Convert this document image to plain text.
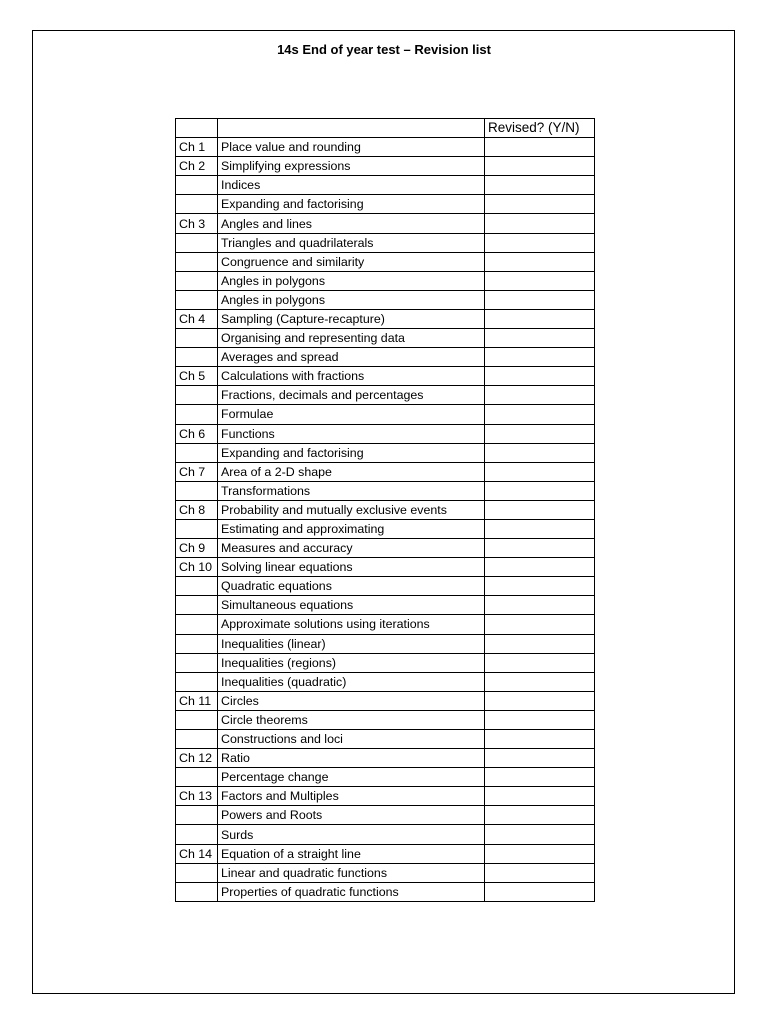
14s End of year test – Revision list
		Revised? (Y/N)
Ch 1	Place value and rounding	
Ch 2	Simplifying expressions	
	Indices	
	Expanding and factorising	
Ch 3	Angles and lines	
	Triangles and quadrilaterals	
	Congruence and similarity	
	Angles in polygons	
	Angles in polygons	
Ch 4	Sampling (Capture-recapture)	
	Organising and representing data	
	Averages and spread	
Ch 5	Calculations with fractions	
	Fractions, decimals and percentages	
	Formulae	
Ch 6	Functions	
	Expanding and factorising	
Ch 7	Area of a 2-D shape	
	Transformations	
Ch 8	Probability and mutually exclusive events	
	Estimating and approximating	
Ch 9	Measures and accuracy	
Ch 10	Solving linear equations	
	Quadratic equations	
	Simultaneous equations	
	Approximate solutions using iterations	
	Inequalities (linear)	
	Inequalities (regions)	
	Inequalities (quadratic)	
Ch 11	Circles	
	Circle theorems	
	Constructions and loci	
Ch 12	Ratio	
	Percentage change	
Ch 13	Factors and Multiples	
	Powers and Roots	
	Surds	
Ch 14	Equation of a straight line	
	Linear and quadratic functions	
	Properties of quadratic functions	
